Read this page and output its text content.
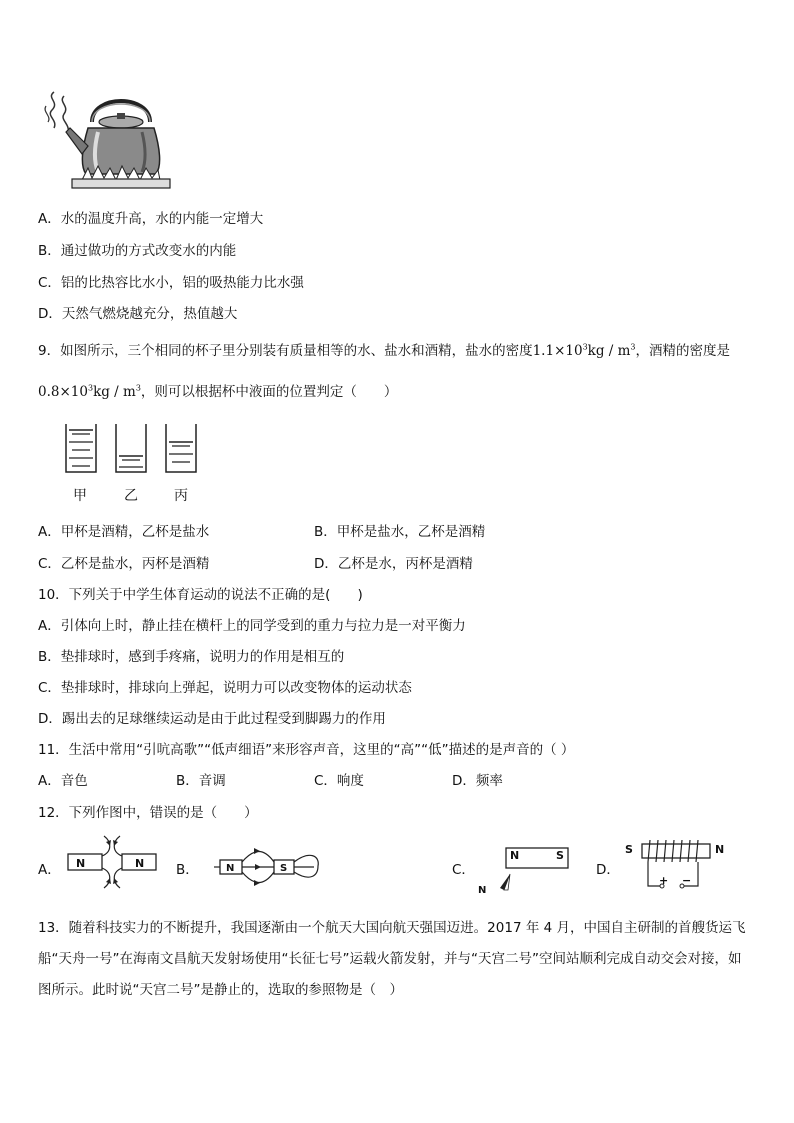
A．水的温度升高，水的内能一定增大
B．通过做功的方式改变水的内能
C．铝的比热容比水小，铝的吸热能力比水强
D．天然气燃烧越充分，热值越大
9．如图所示，三个相同的杯子里分别装有质量相等的水、盐水和酒精，盐水的密度$1.1\times 10^3kg / m^3$，酒精的密度是
$0.8\times 10^3kg / m^3$，则可以根据杯中液面的位置判定（　　）
甲	乙	丙
A．甲杯是酒精，乙杯是盐水	B．甲杯是盐水，乙杯是酒精
C．乙杯是盐水，丙杯是酒精	D．乙杯是水，丙杯是酒精
10．下列关于中学生体育运动的说法不正确的是(　　)
A．引体向上时，静止挂在横杆上的同学受到的重力与拉力是一对平衡力
B．垫排球时，感到手疼痛，说明力的作用是相互的
C．垫排球时，排球向上弹起，说明力可以改变物体的运动状态
D．踢出去的足球继续运动是由于此过程受到脚踢力的作用
11．生活中常用“引吭高歌”“低声细语”来形容声音，这里的“高”“低”描述的是声音的（ ）
A．音色	B．音调	C．响度	D．频率
12．下列作图中，错误的是（　　）
A． N	N B．	N	S	C．
N	S
N
D．
S	N
+ −
13．随着科技实力的不断提升，我国逐渐由一个航天大国向航天强国迈进。2017 年 4 月，中国自主研制的首艘货运飞
船“天舟一号”在海南文昌航天发射场使用“长征七号”运载火箭发射，并与“天宫二号”空间站顺利完成自动交会对接，如
图所示。此时说“天宫二号”是静止的，选取的参照物是（　）
